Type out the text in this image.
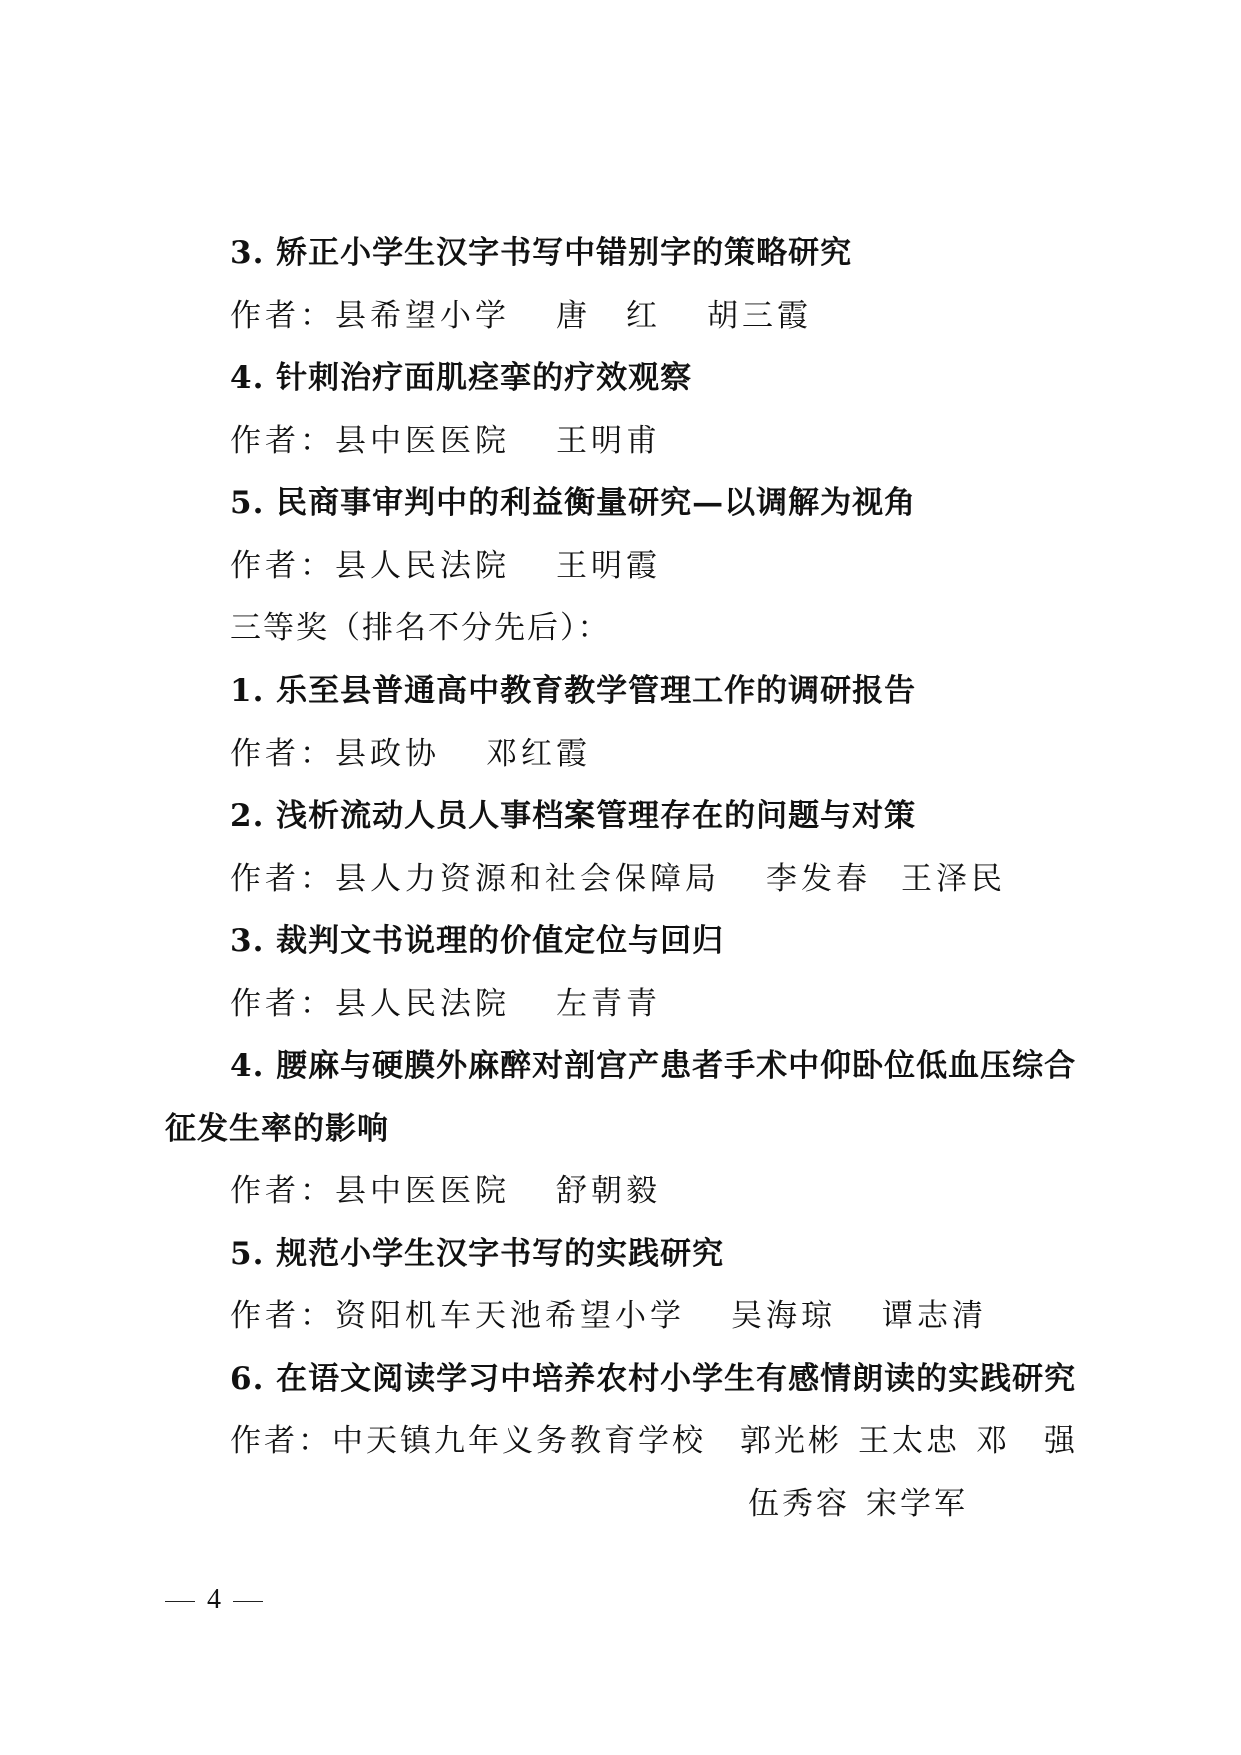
3. 矫正小学生汉字书写中错别字的策略研究
作者：县希望小学 唐　红 胡三霞
4. 针刺治疗面肌痉挛的疗效观察
作者：县中医医院 王明甫
5. 民商事审判中的利益衡量研究—以调解为视角
作者：县人民法院 王明霞
三等奖（排名不分先后）：
1. 乐至县普通高中教育教学管理工作的调研报告
作者：县政协 邓红霞
2. 浅析流动人员人事档案管理存在的问题与对策
作者：县人力资源和社会保障局 李发春 王泽民
3. 裁判文书说理的价值定位与回归
作者：县人民法院 左青青
4. 腰麻与硬膜外麻醉对剖宫产患者手术中仰卧位低血压综合
征发生率的影响
作者：县中医医院 舒朝毅
5. 规范小学生汉字书写的实践研究
作者：资阳机车天池希望小学 吴海琼 谭志清
6. 在语文阅读学习中培养农村小学生有感情朗读的实践研究
作者：中天镇九年义务教育学校 郭光彬 王太忠 邓　强
伍秀容 宋学军
4
